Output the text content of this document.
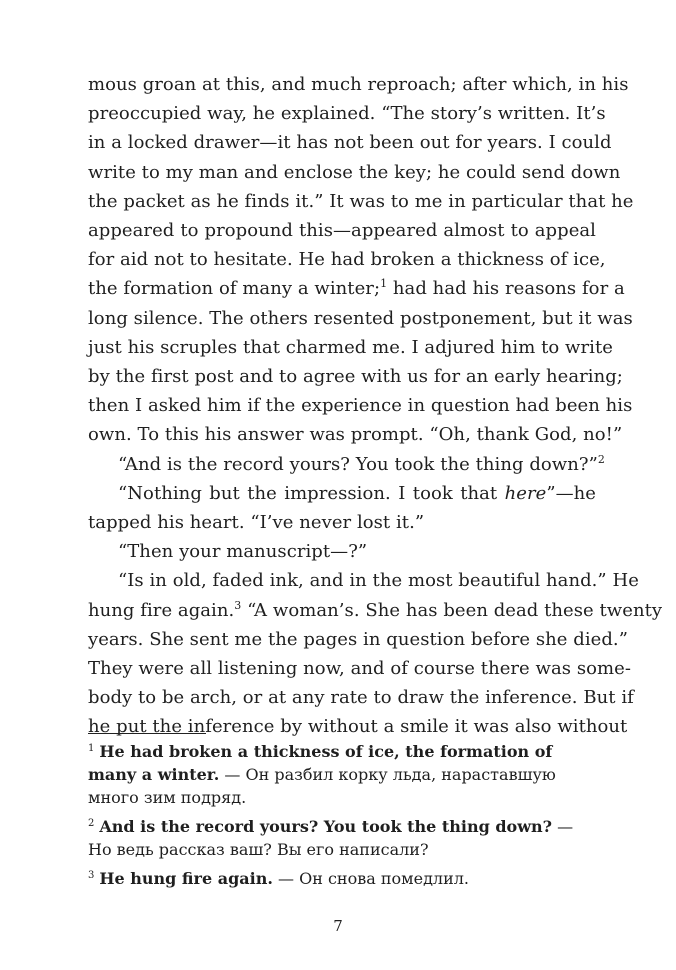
mous groan at this, and much reproach; after which, in his
preoccupied way, he explained. “The story’s written. It’s
in a locked drawer—it has not been out for years. I could
write to my man and enclose the key; he could send down
the packet as he finds it.” It was to me in particular that he
appeared to propound this—appeared almost to appeal
for aid not to hesitate. He had broken a thickness of ice,
the formation of many a winter;$^1$ had had his reasons for a
long silence. The others resented postponement, but it was
just his scruples that charmed me. I adjured him to write
by the first post and to agree with us for an early hearing;
then I asked him if the experience in question had been his
own. To this his answer was prompt. “Oh, thank God, no!”
“And is the record yours? You took the thing down?”$^2$
“Nothing but the impression. I took that here”—he
tapped his heart. “I’ve never lost it.”
“Then your manuscript—?”
“Is in old, faded ink, and in the most beautiful hand.” He
hung fire again.$^3$ “A woman’s. She has been dead these twenty
years. She sent me the pages in question before she died.”
They were all listening now, and of course there was some-
body to be arch, or at any rate to draw the inference. But if
he put the inference by without a smile it was also without

$^1$ He had broken a thickness of ice, the formation of many a winter. — Он разбил корку льда, нараставшую много зим подряд.

$^2$ And is the record yours? You took the thing down? — Но ведь рассказ ваш? Вы его написали?

$^3$ He hung fire again. — Он снова помедлил.

7
